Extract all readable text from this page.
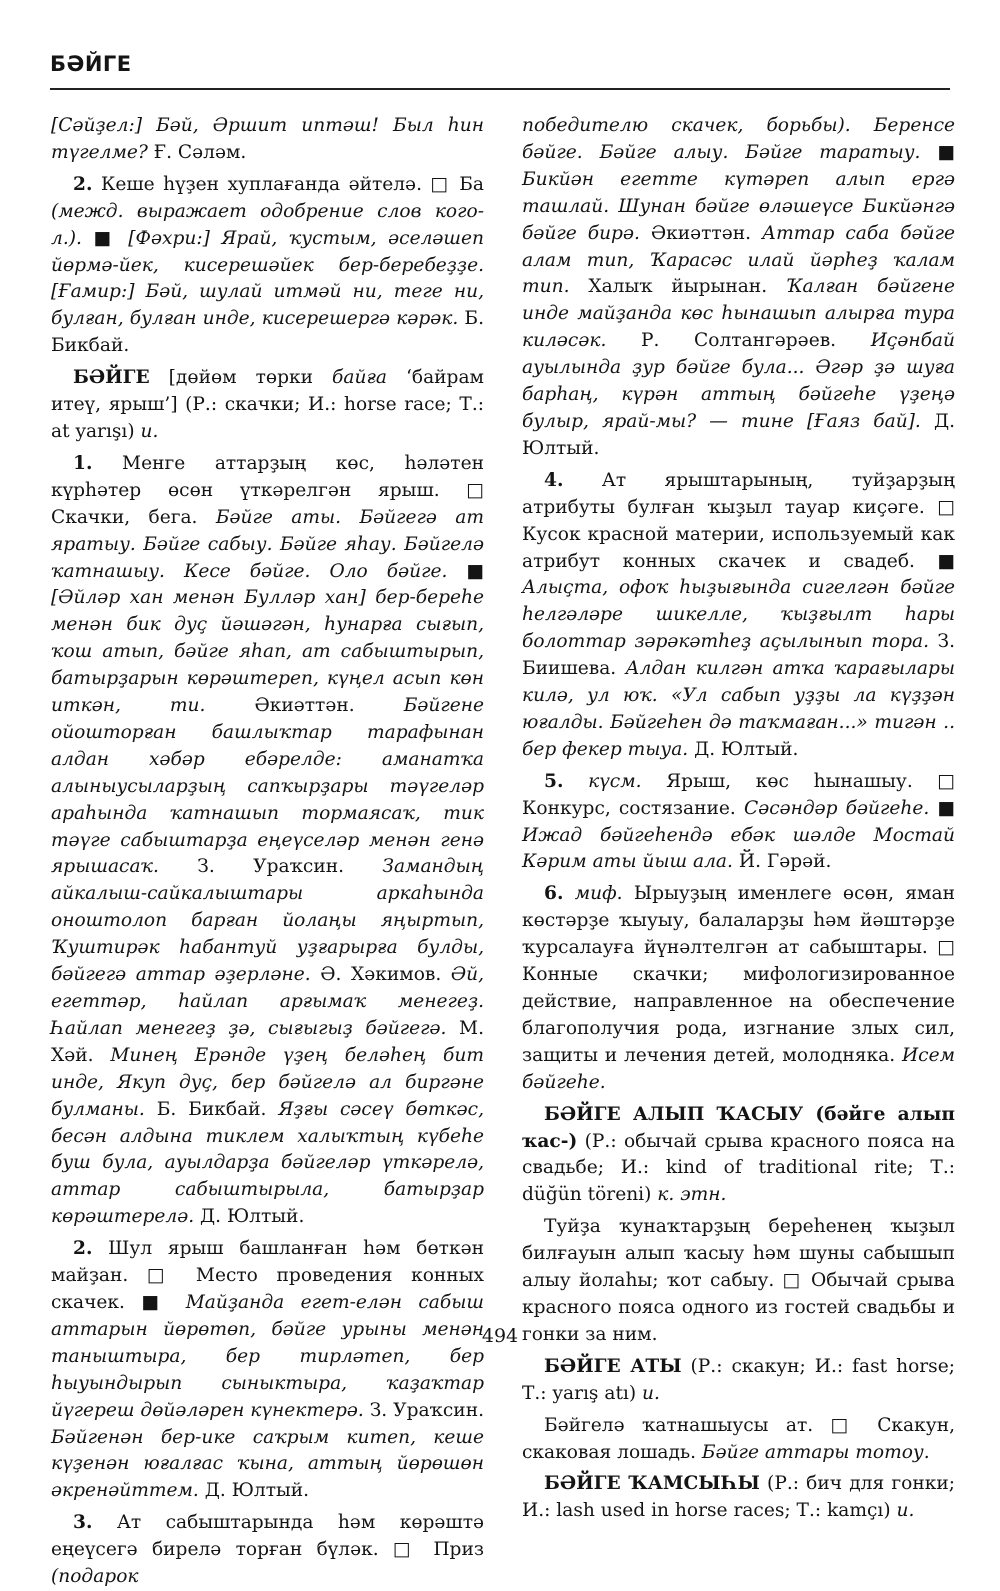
БӘЙГЕ

[Сәйҙел:] Бәй, Әршит иптәш! Был һин түгелме? Ғ. Сәләм.

2. Кеше һүҙен хуплағанда әйтелә. □ Ба (межд. выражает одобрение слов кого-л.). ■ [Фәхри:] Ярай, ҡустым, әселәшеп йөрмә-йек, кисерешәйек бер-беребеҙҙе. [Ғамир:] Бәй, шулай итмәй ни, теге ни, булған, булған инде, кисерешергә кәрәк. Б. Бикбай.

БӘЙГЕ [дөйөм төрки байға ‘байрам итеү, ярыш’] (Р.: скачки; И.: horse race; Т.: at yarışı) и.

1. Менге аттарҙың көс, һәләтен күрһәтер өсөн үткәрелгән ярыш. □ Скачки, бега. Бәйге аты. Бәйгегә ат яратыу. Бәйге сабыу. Бәйге яһау. Бәйгелә ҡатнашыу. Кесе бәйге. Оло бәйге. ■ [Әйләр хан менән Булләр хан] бер-береһе менән бик дуҫ йәшәгән, һунарға сығып, ҡош атып, бәйге яһап, ат сабыштырып, батырҙарын көрәштереп, күңел асып көн иткән, ти. Әкиәттән. Бәйгене ойошторған башлыҡтар тарафынан алдан хәбәр ебәрелде: аманатҡа алыныусыларҙың сапҡырҙары тәүгеләр араһында ҡатнашып тормаясаҡ, тик тәүге сабыштарҙа еңеүселәр менән генә ярышасаҡ. З. Ураҡсин. Замандың айкалыш-сайкалыштары аркаһында оноштолоп барған йолаңы яңыртып, Ҡуштирәк һабантуй уҙғарырға булды, бәйгегә аттар әҙерләне. Ә. Хәкимов. Әй, егеттәр, һайлап арғымаҡ менегеҙ. Һайлап менегеҙ ҙә, сығыгыҙ бәйгегә. М. Хәй. Минең Ерәнде үҙең беләһең бит инде, Якуп дуҫ, бер бәйгелә ал биргәне булманы. Б. Бикбай. Яҙғы сәсеү бөткәс, бесән алдына тиклем халыҡтың күбеһе буш була, ауылдарҙа бәйгеләр үткәрелә, аттар сабыштырыла, батырҙар көрәштерелә. Д. Юлтый.

2. Шул ярыш башланған һәм бөткән майҙан. □ Место проведения конных скачек. ■ Майҙанда егет-елән сабыш аттарын йөрөтөп, бәйге урыны менән таныштыра, бер тирләтеп, бер һыуындырып сыныктыра, ҡаҙаҡтар йүгереш дөйәләрен күнектерә. З. Ураҡсин. Бәйгенән бер-ике саҡрым китеп, кеше күҙенән юғалғас ҡына, аттың йөрөшөн әкренәйттем. Д. Юлтый.

3. Ат сабыштарында һәм көрәштә еңеүсегә бирелә торған бүләк. □ Приз (подарок

победителю скачек, борьбы). Беренсе бәйге. Бәйге алыу. Бәйге таратыу. ■ Бикйән егеттe күтәреп алып ергә ташлай. Шунан бәйге өләшеүсе Бикйәнгә бәйге бирә. Әкиәттән. Аттар саба бәйге алам тип, Ҡарасәс илай йәрһеҙ ҡалам тип. Халыҡ йырынан. Ҡалған бәйгене инде майҙанда көс һынашып алырға тура киләсәк. Р. Солтангәрәев. Иҫәнбай ауылында ҙур бәйге була... Әгәр ҙә шуға барһаң, күрән аттың бәйгеһе үҙеңә булыр, ярай-мы? — тине [Ғаяз бай]. Д. Юлтый.

4. Ат ярыштарының, туйҙарҙың атрибуты булған ҡыҙыл тауар киҫәге. □ Кусок красной материи, используемый как атрибут конных скачек и свадеб. ■ Алыҫта, офоҡ һыҙығында сигелгән бәйге һелгәләре шикелле, ҡыҙғылт һары болоттар зәрәкәтһеҙ аҫылынып тора. З. Биишева. Алдан килгән атҡа ҡарағылары килә, ул юҡ. «Ул сабып уҙҙы ла күҙҙән юғалды. Бәйгеһен дә таҡмаған...» тигән .. бер фекер тыуа. Д. Юлтый.

5. күсм. Ярыш, көс һынашыу. □ Конкурс, состязание. Сәсәндәр бәйгеһе. ■ Ижад бәйгеһендә ебәк шәлде Мостай Кәрим аты йыш ала. Й. Гәрәй.

6. миф. Ырыуҙың именлеге өсөн, яман көстәрҙе ҡыуыу, балаларҙы һәм йәштәрҙе ҡурсалауға йүнәлтелгән ат сабыштары. □ Конные скачки; мифологизированное действие, направленное на обеспечение благополучия рода, изгнание злых сил, защиты и лечения детей, молодняка. Исем бәйгеһе.

БӘЙГЕ АЛЫП ҠАСЫУ (бәйге алып ҡас-) (Р.: обычай срыва красного пояса на свадьбе; И.: kind of traditional rite; Т.: düğün töreni) к. этн.

Туйҙа ҡунаҡтарҙың береһенең ҡыҙыл билғауын алып ҡасыу һәм шуны сабышып алыу йолаһы; ҡот сабыу. □ Обычай срыва красного пояса одного из гостей свадьбы и гонки за ним.

БӘЙГЕ АТЫ (Р.: скакун; И.: fast horse; Т.: yarış atı) и.

Бәйгелә ҡатнашыусы ат. □ Скакун, скаковая лошадь. Бәйге аттары тотоу.

БӘЙГЕ ҠАМСЫҺЫ (Р.: бич для гонки; И.: lash used in horse races; Т.: kamçı) и.

494
